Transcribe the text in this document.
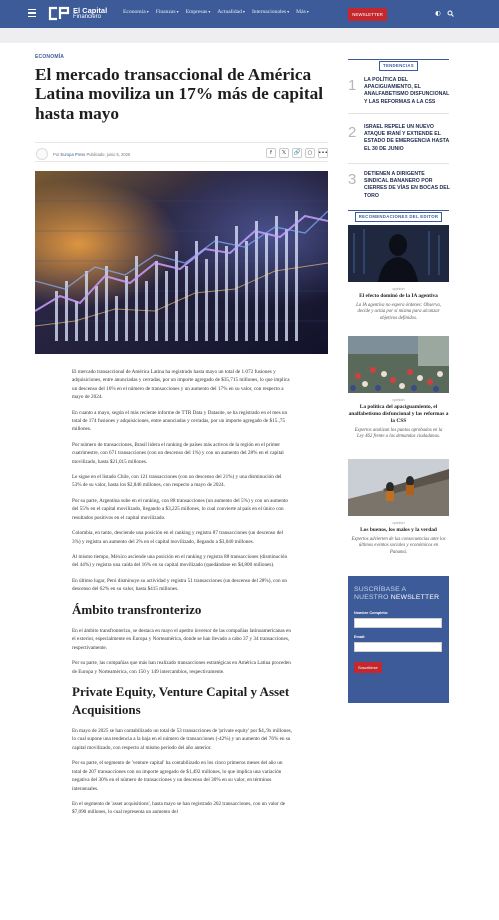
El Capital
Financiero
Economía ▾	Finanzas ▾	Empresas ▾	Actualidad ▾	Internacionales ▾	Más ▾	NEWSLETTER	◐
ECONOMÍA
El mercado transaccional de América Latina moviliza un 17% más de capital hasta mayo
Por Europa Press Publicado: junio 5, 2025	f	𝕏	🔗	○	•••

El mercado transaccional de América Latina ha registrado hasta mayo un total de 1.072 fusiones y adquisiciones, entre anunciadas y cerradas, por un importe agregado de $35,715 millones, lo que implica un descenso del 16% en el número de transacciones y un aumento del 17% en su valor, con respecto a mayo de 2024.

En cuanto a mayo, según el más reciente informe de TTR Data y Datasite, se ha registrado en el mes un total de 174 fusiones y adquisiciones, entre anunciadas y cerradas, por un importe agregado de $15.,75 millones.

Por número de transacciones, Brasil lidera el ranking de países más activos de la región en el primer cuatrimestre, con 671 transacciones (con un descenso del 1%) y con un aumento del 28% en el capital movilizado, hasta $21,015 millones.

Le sigue en el listado Chile, con 121 transacciones (con un descenso del 21%) y una disminución del 53% de su valor, hasta los $2,846 millones, con respecto a mayo de 2024.

Por su parte, Argentina sube en el ranking, con 88 transacciones (un aumento del 5%) y con un aumento del 55% en el capital movilizado, llegando a $3,225 millones, lo cual convierte al país en el único con resultados positivos en el capital movilizado.

Colombia, en tanto, desciende una posición en el ranking y registra 87 transacciones (un descenso del 3%) y registra un aumento del 2% en el capital movilizado, llegando a $3,040 millones.

Al mismo tiempo, México asciende una posición en el ranking y registra 88 transacciones (disminución del 44%) y registra una caída del 16% en su capital movilizado (quedándose en $4,800 millones).

En último lugar, Perú disminuye su actividad y registra 51 transacciones (un descenso del 28%), con un descenso del 62% en su valor, hasta $415 millones.

Ámbito transfronterizo

En el ámbito transfronterizo, se destaca en mayo el apetito inversor de las compañías latinoamericanas en el exterior, especialmente en Europa y Norteamérica, donde se han llevado a cabo 37 y 34 transacciones, respectivamente.

Por su parte, las compañías que más han realizado transacciones estratégicas en América Latina proceden de Europa y Norteamérica, con 150 y 149 intercambios, respectivamente.

Private Equity, Venture Capital y Asset Acquisitions

En mayo de 2025 se han contabilizado un total de 53 transacciones de 'private equity' por $4,.9x millones, lo cual supone una tendencia a la baja en el número de transacciones (-42%) y un aumento del 76% en su capital movilizado, con respecto al mismo periodo del año anterior.

Por su parte, el segmento de 'venture capital' ha contabilizado en los cinco primeros meses del año un total de 207 transacciones con un importe agregado de $1,492 millones, lo que implica una variación negativa del 30% en el número de transacciones y un descenso del 30% en su valor, en términos interanuales.

En el segmento de 'asset acquisitions', hasta mayo se han registrado 202 transacciones, con un valor de $7,090 millones, lo cual representa un aumento del

TENDENCIAS
1 LA POLÍTICA DEL APACIGUAMIENTO, EL ANALFABETISMO DISFUNCIONAL Y LAS REFORMAS A LA CSS
2 ISRAEL REPELE UN NUEVO ATAQUE IRANÍ Y EXTIENDE EL ESTADO DE EMERGENCIA HASTA EL 30 DE JUNIO
3 DETIENEN A DIRIGENTE SINDICAL BANANERO POR CIERRES DE VÍAS EN BOCAS DEL TORO
RECOMENDACIONES DEL EDITOR
opinión
El efecto dominó de la IA agentiva
La IA agentiva no espera órdenes: Observa, decide y actúa por sí misma para alcanzar objetivos definidos.
opinión
La política del apaciguamiento, el analfabetismo disfuncional y las reformas a la CSS
Expertos analizan los puntos aprobados en la Ley 462 frente a las demandas ciudadanas.
opinión
Los buenos, los malos y la verdad
Expertos advierten de las consecuencias ante los últimos eventos sociales y económicos en Panamá.
SUSCRÍBASE A
NUESTRO NEWSLETTER
Nombre Completo:
Email:
Suscribirse
